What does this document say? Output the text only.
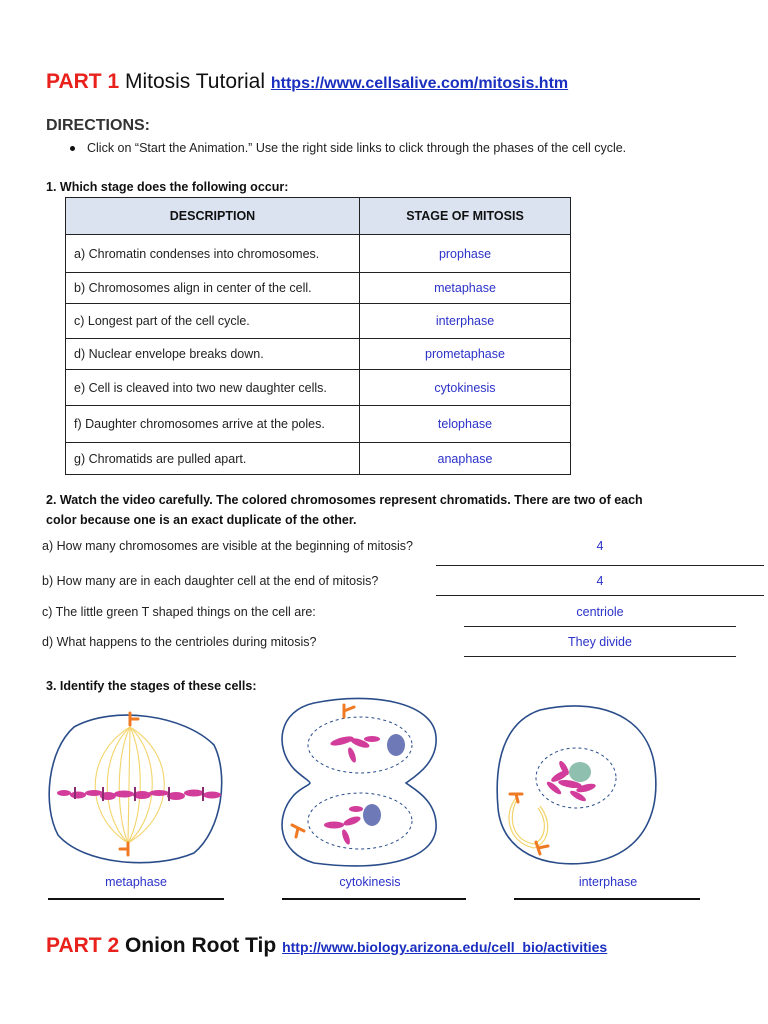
PART 1 Mitosis Tutorial https://www.cellsalive.com/mitosis.htm
DIRECTIONS:
Click on “Start the Animation.” Use the right side links to click through the phases of the cell cycle.
1. Which stage does the following occur:
DESCRIPTION	STAGE OF MITOSIS
a) Chromatin condenses into chromosomes.	prophase
b) Chromosomes align in center of the cell.	metaphase
c) Longest part of the cell cycle.	interphase
d) Nuclear envelope breaks down.	prometaphase
e) Cell is cleaved into two new daughter cells.	cytokinesis
f) Daughter chromosomes arrive at the poles.	telophase
g) Chromatids are pulled apart.	anaphase
2. Watch the video carefully. The colored chromosomes represent chromatids. There are two of each
color because one is an exact duplicate of the other.
a) How many chromosomes are visible at the beginning of mitosis?	4
b) How many are in each daughter cell at the end of mitosis?	4
c) The little green T shaped things on the cell are:	centriole
d) What happens to the centrioles during mitosis?	They divide
3. Identify the stages of these cells:
metaphase	cytokinesis	interphase
PART 2 Onion Root Tip http://www.biology.arizona.edu/cell_bio/activities
